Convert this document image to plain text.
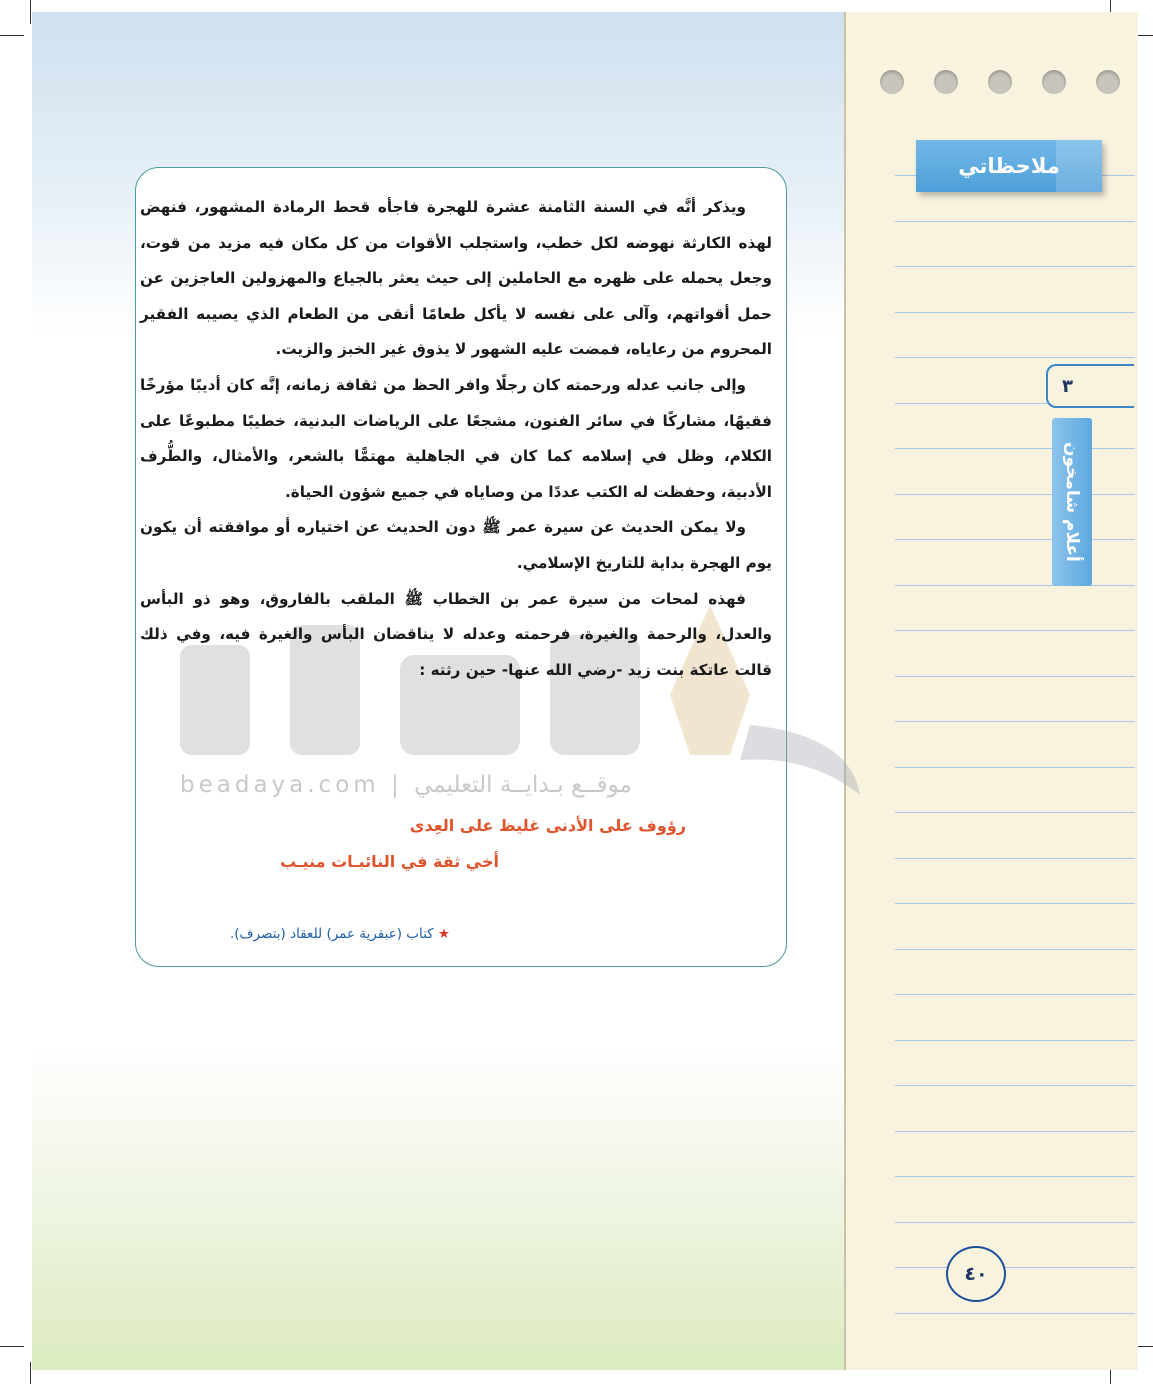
ملاحظاتي
٣
أعلام شامخون
beadaya.com | موقــع بـدايــة التعليمي

ويذكر أنَّه في السنة الثامنة عشرة للهجرة فاجأه قحط الرمادة المشهور، فنهض لهذه الكارثة نهوضه لكل خطب، واستجلب الأقوات من كل مكان فيه مزيد من قوت، وجعل يحمله على ظهره مع الحاملين إلى حيث يعثر بالجياع والمهزولين العاجزين عن حمل أقواتهم، وآلى على نفسه لا يأكل طعامًا أنقى من الطعام الذي يصيبه الفقير المحروم من رعاياه، فمضت عليه الشهور لا يذوق غير الخبز والزيت.

وإلى جانب عدله ورحمته كان رجلًا وافر الحظ من ثقافة زمانه، إنَّه كان أديبًا مؤرخًا فقيهًا، مشاركًا في سائر الفنون، مشجعًا على الرياضات البدنية، خطيبًا مطبوعًا على الكلام، وظل في إسلامه كما كان في الجاهلية مهتمًّا بالشعر، والأمثال، والطُّرف الأدبية، وحفظت له الكتب عددًا من وصاياه في جميع شؤون الحياة.

ولا يمكن الحديث عن سيرة عمر ﷺ دون الحديث عن اختياره أو موافقته أن يكون يوم الهجرة بداية للتاريخ الإسلامي.

فهذه لمحات من سيرة عمر بن الخطاب ﷺ الملقب بالفاروق، وهو ذو البأس والعدل، والرحمة والغيرة، فرحمته وعدله لا يناقضان البأس والغيرة فيه، وفي ذلك قالت عاتكة بنت زيد -رضي الله عنها- حين رثته :

رؤوف على الأدنى غليظ على العِدى
أخي ثقة في النائبـات منيـب
★ كتاب (عبقرية عمر) للعقاد (بتصرف).
٤٠
